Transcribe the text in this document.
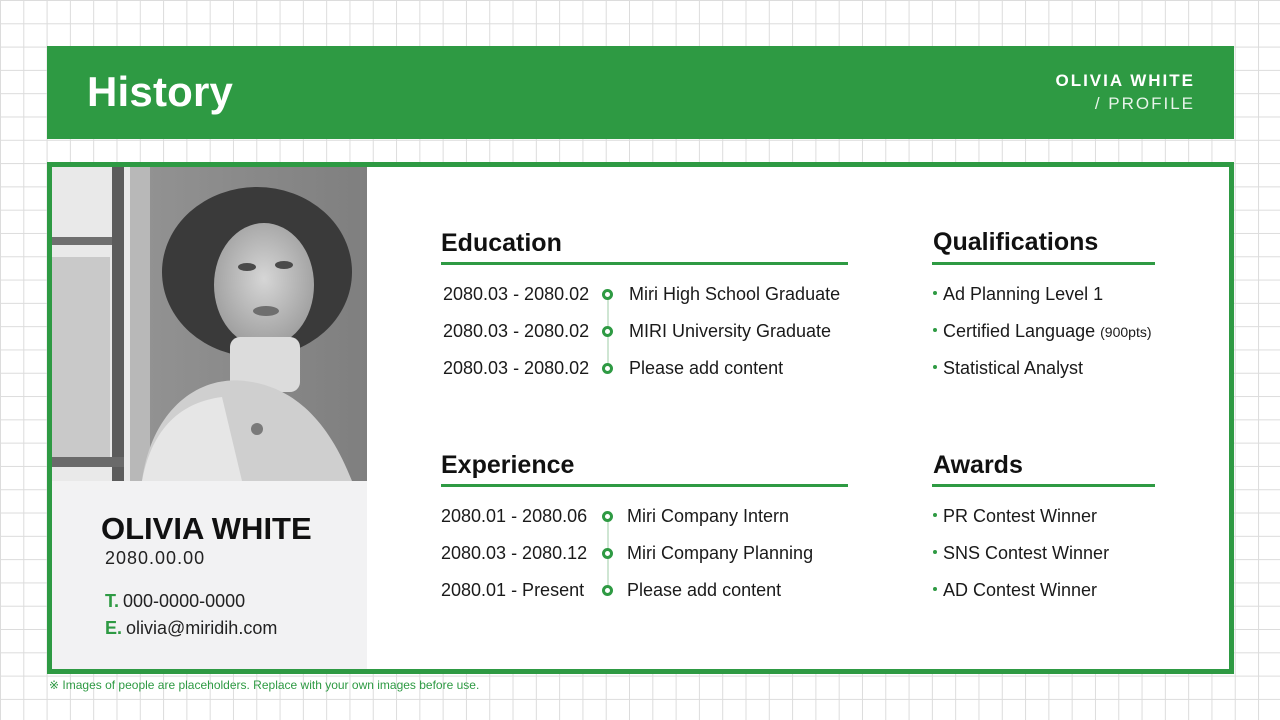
History	OLIVIA WHITE
/ PROFILE
OLIVIA WHITE
2080.00.00
T. 000-0000-0000
E. olivia@miridih.com
Education
2080.03 - 2080.02 Miri High School Graduate
2080.03 - 2080.02 MIRI University Graduate
2080.03 - 2080.02 Please add content
Experience
2080.01 - 2080.06 Miri Company Intern
2080.03 - 2080.12 Miri Company Planning
2080.01 - Present Please add content
Qualifications
Ad Planning Level 1
Certified Language (900pts)
Statistical Analyst
Awards
PR Contest Winner
SNS Contest Winner
AD Contest Winner
※ Images of people are placeholders. Replace with your own images before use.
